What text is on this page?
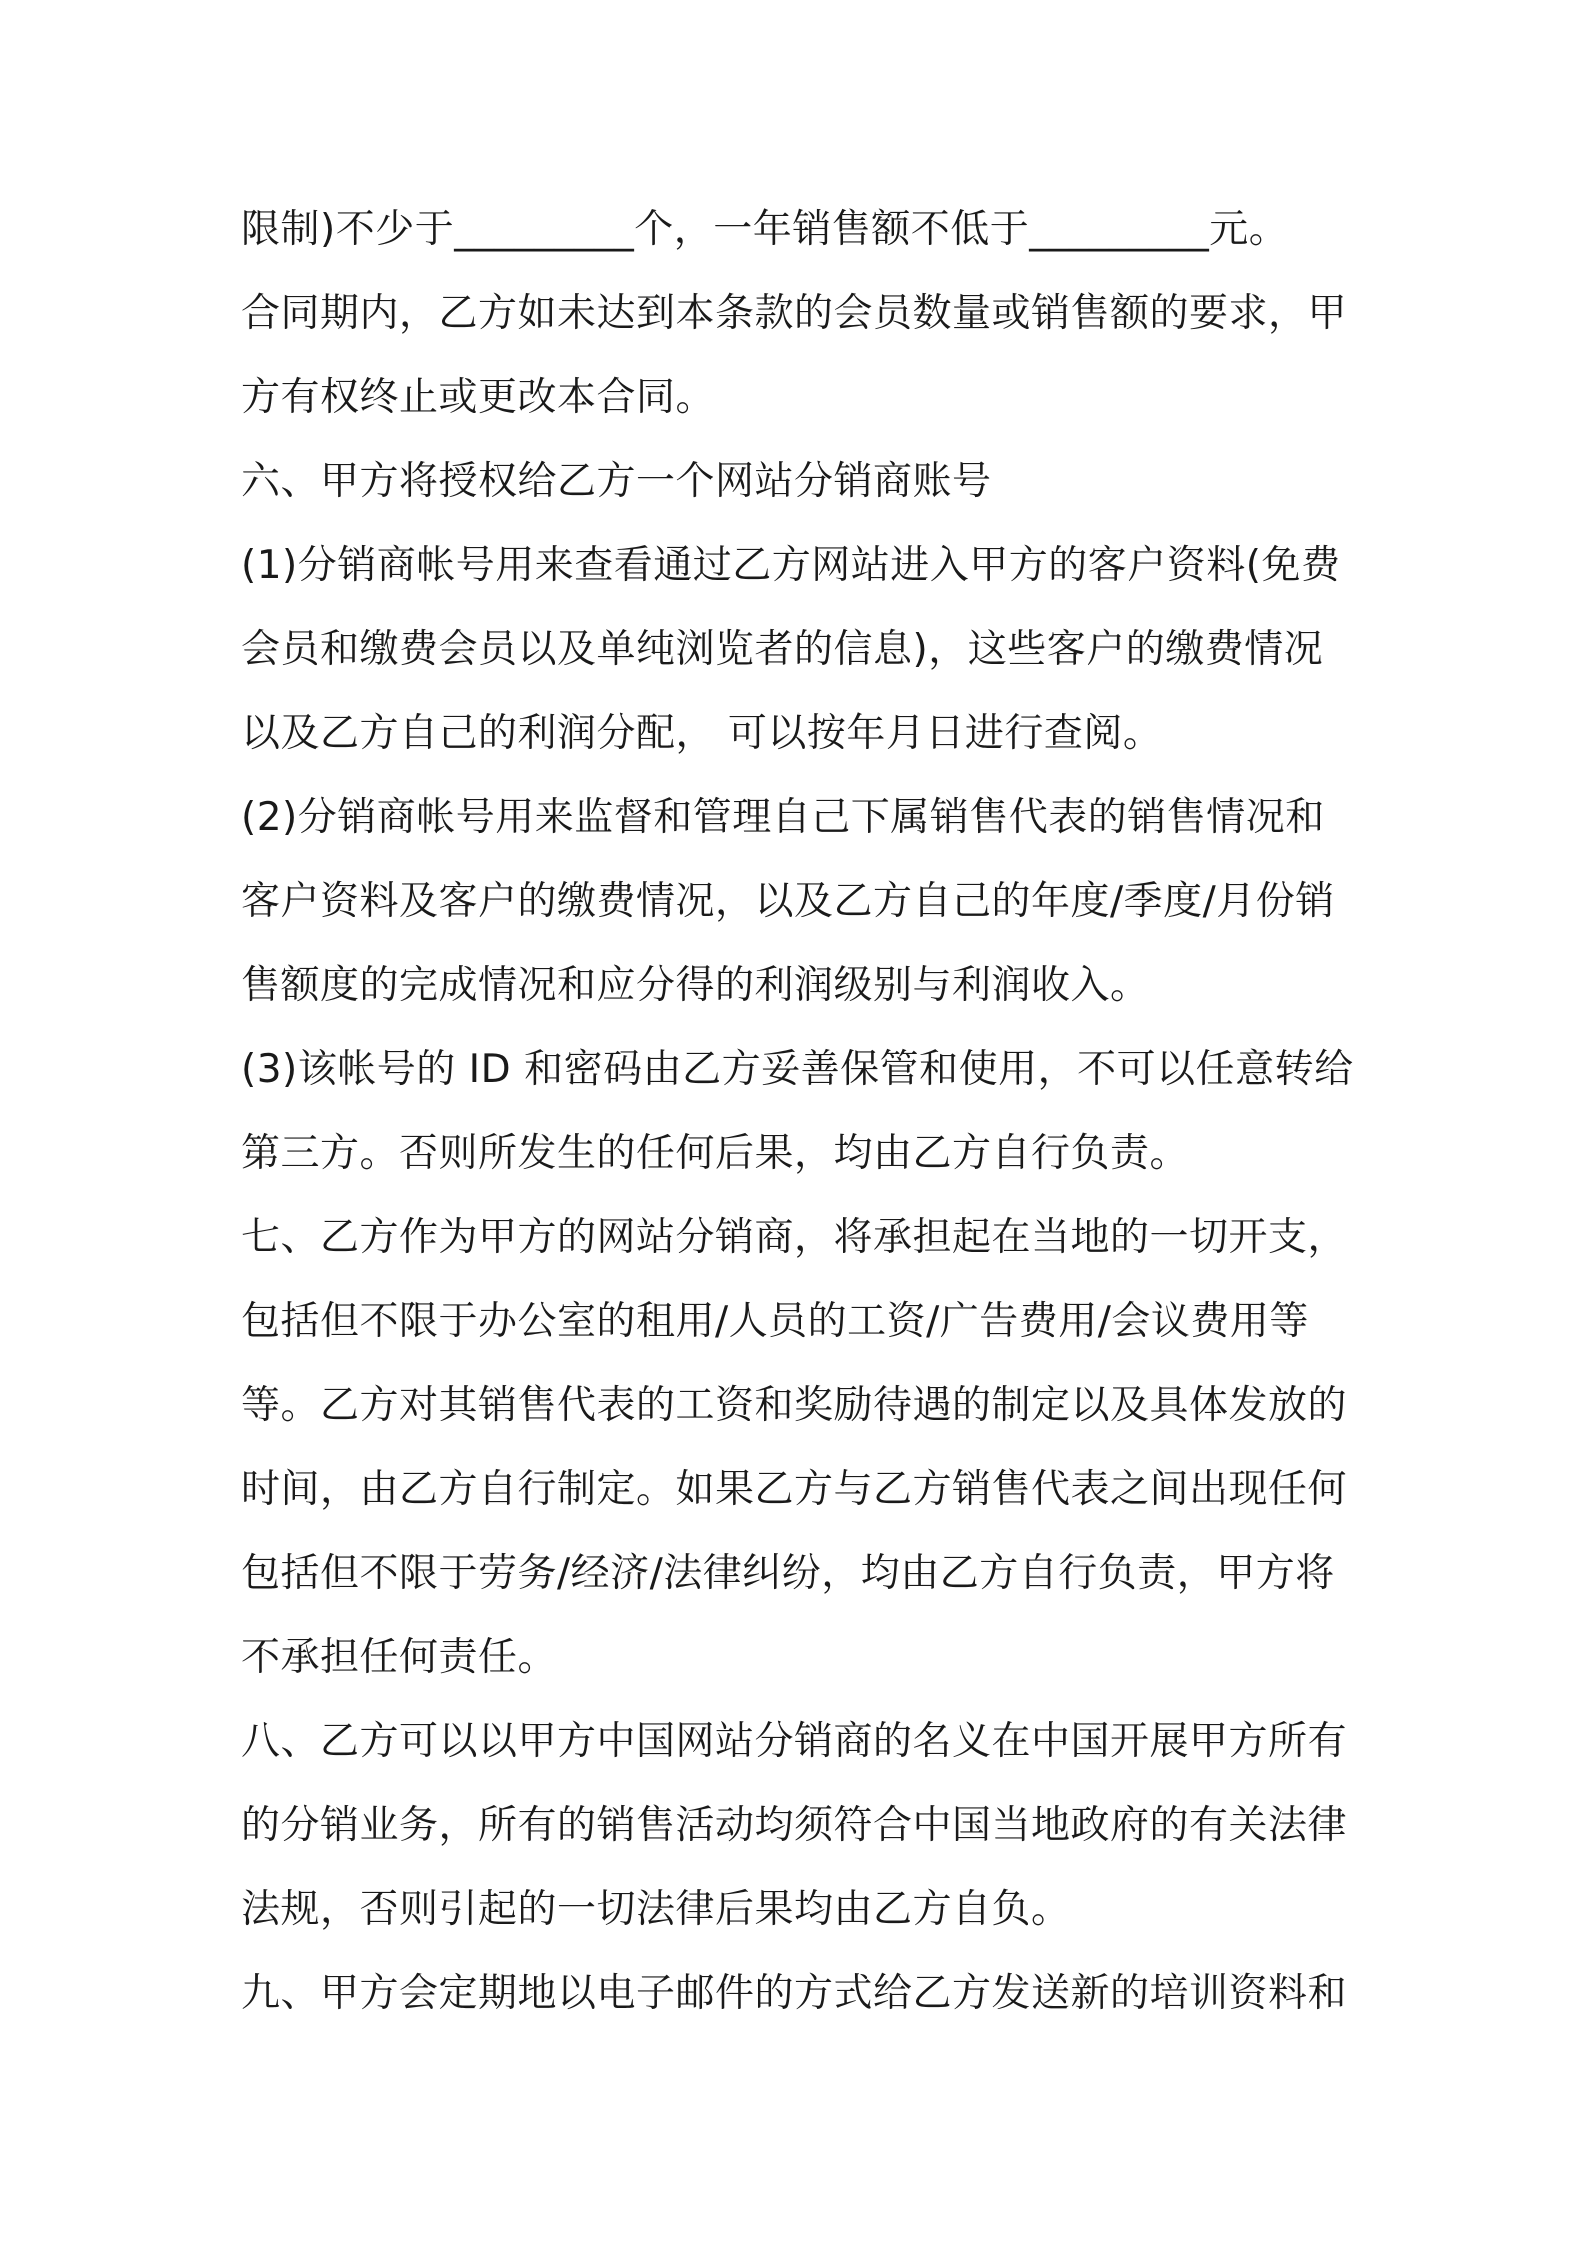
限制)不少于_________个，一年销售额不低于_________元。
合同期内，乙方如未达到本条款的会员数量或销售额的要求，甲
方有权终止或更改本合同。
六、甲方将授权给乙方一个网站分销商账号
(1)分销商帐号用来查看通过乙方网站进入甲方的客户资料(免费
会员和缴费会员以及单纯浏览者的信息)，这些客户的缴费情况
以及乙方自己的利润分配， 可以按年月日进行查阅。
(2)分销商帐号用来监督和管理自己下属销售代表的销售情况和
客户资料及客户的缴费情况，以及乙方自己的年度/季度/月份销
售额度的完成情况和应分得的利润级别与利润收入。
(3)该帐号的 ID 和密码由乙方妥善保管和使用，不可以任意转给
第三方。否则所发生的任何后果，均由乙方自行负责。
七、乙方作为甲方的网站分销商，将承担起在当地的一切开支，
包括但不限于办公室的租用/人员的工资/广告费用/会议费用等
等。乙方对其销售代表的工资和奖励待遇的制定以及具体发放的
时间，由乙方自行制定。如果乙方与乙方销售代表之间出现任何
包括但不限于劳务/经济/法律纠纷，均由乙方自行负责，甲方将
不承担任何责任。
八、乙方可以以甲方中国网站分销商的名义在中国开展甲方所有
的分销业务，所有的销售活动均须符合中国当地政府的有关法律
法规，否则引起的一切法律后果均由乙方自负。
九、甲方会定期地以电子邮件的方式给乙方发送新的培训资料和
